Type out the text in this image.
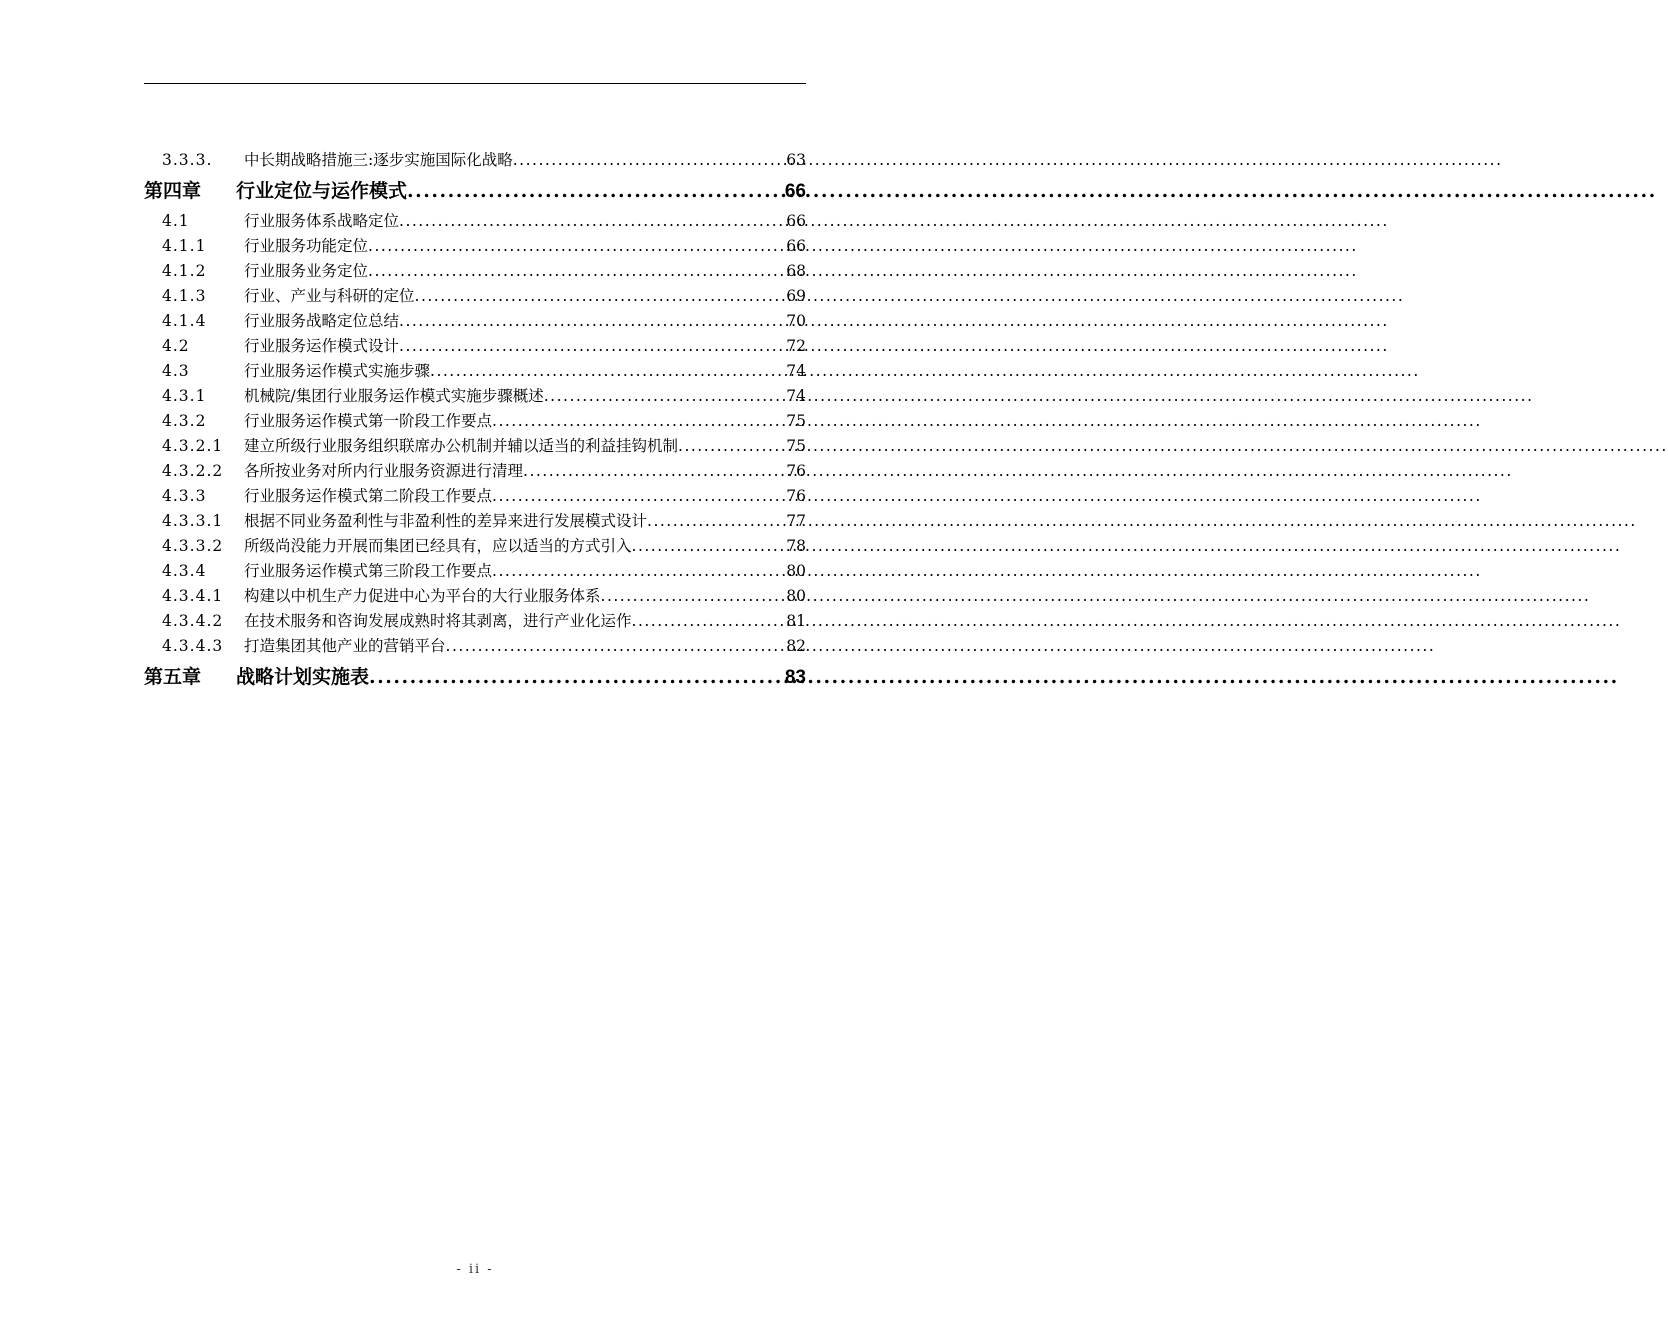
3.3.3.	中长期战略措施三:逐步实施国际化战略 .....	63
第四章	行业定位与运作模式 .....	66
4.1	行业服务体系战略定位 .....	66
4.1.1	行业服务功能定位 .....	66
4.1.2	行业服务业务定位 .....	68
4.1.3	行业、产业与科研的定位 .....	69
4.1.4	行业服务战略定位总结 .....	70
4.2	行业服务运作模式设计 .....	72
4.3	行业服务运作模式实施步骤 .....	74
4.3.1	机械院/集团行业服务运作模式实施步骤概述 .....	74
4.3.2	行业服务运作模式第一阶段工作要点 .....	75
4.3.2.1	建立所级行业服务组织联席办公机制并辅以适当的利益挂钩机制 .....	75
4.3.2.2	各所按业务对所内行业服务资源进行清理 .....	76
4.3.3	行业服务运作模式第二阶段工作要点 .....	76
4.3.3.1	根据不同业务盈利性与非盈利性的差异来进行发展模式设计 .....	77
4.3.3.2	所级尚没能力开展而集团已经具有，应以适当的方式引入 .....	78
4.3.4	行业服务运作模式第三阶段工作要点 .....	80
4.3.4.1	构建以中机生产力促进中心为平台的大行业服务体系 .....	80
4.3.4.2	在技术服务和咨询发展成熟时将其剥离，进行产业化运作 .....	81
4.3.4.3	打造集团其他产业的营销平台 .....	82
第五章	战略计划实施表 .....	83
- ii -
